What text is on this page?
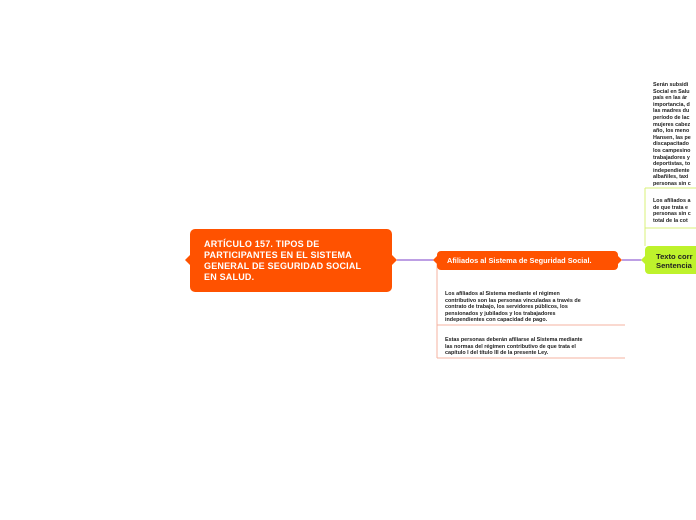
ARTÍCULO 157. TIPOS DE
PARTICIPANTES EN EL SISTEMA
GENERAL DE SEGURIDAD SOCIAL
EN SALUD.
Afiliados al Sistema de Seguridad Social.	Texto corr
Sentencia
Los afiliados al Sistema mediante el régimen
contributivo son las personas vinculadas a través de
contrato de trabajo, los servidores públicos, los
pensionados y jubilados y los trabajadores
independientes con capacidad de pago.
Estas personas deberán afiliarse al Sistema mediante
las normas del régimen contributivo de que trata el
capítulo I del título III de la presente Ley.
Serán subsidi
Social en Salu
país en las ár
importancia, d
las madres du
período de lac
mujeres cabez
año, los meno
Hansen, las pe
discapacitado
los campesino
trabajadores y
deportistas, to
independiente
albañiles, taxi
personas sin c
Los afiliados a
de que trata e
personas sin c
total de la cot
